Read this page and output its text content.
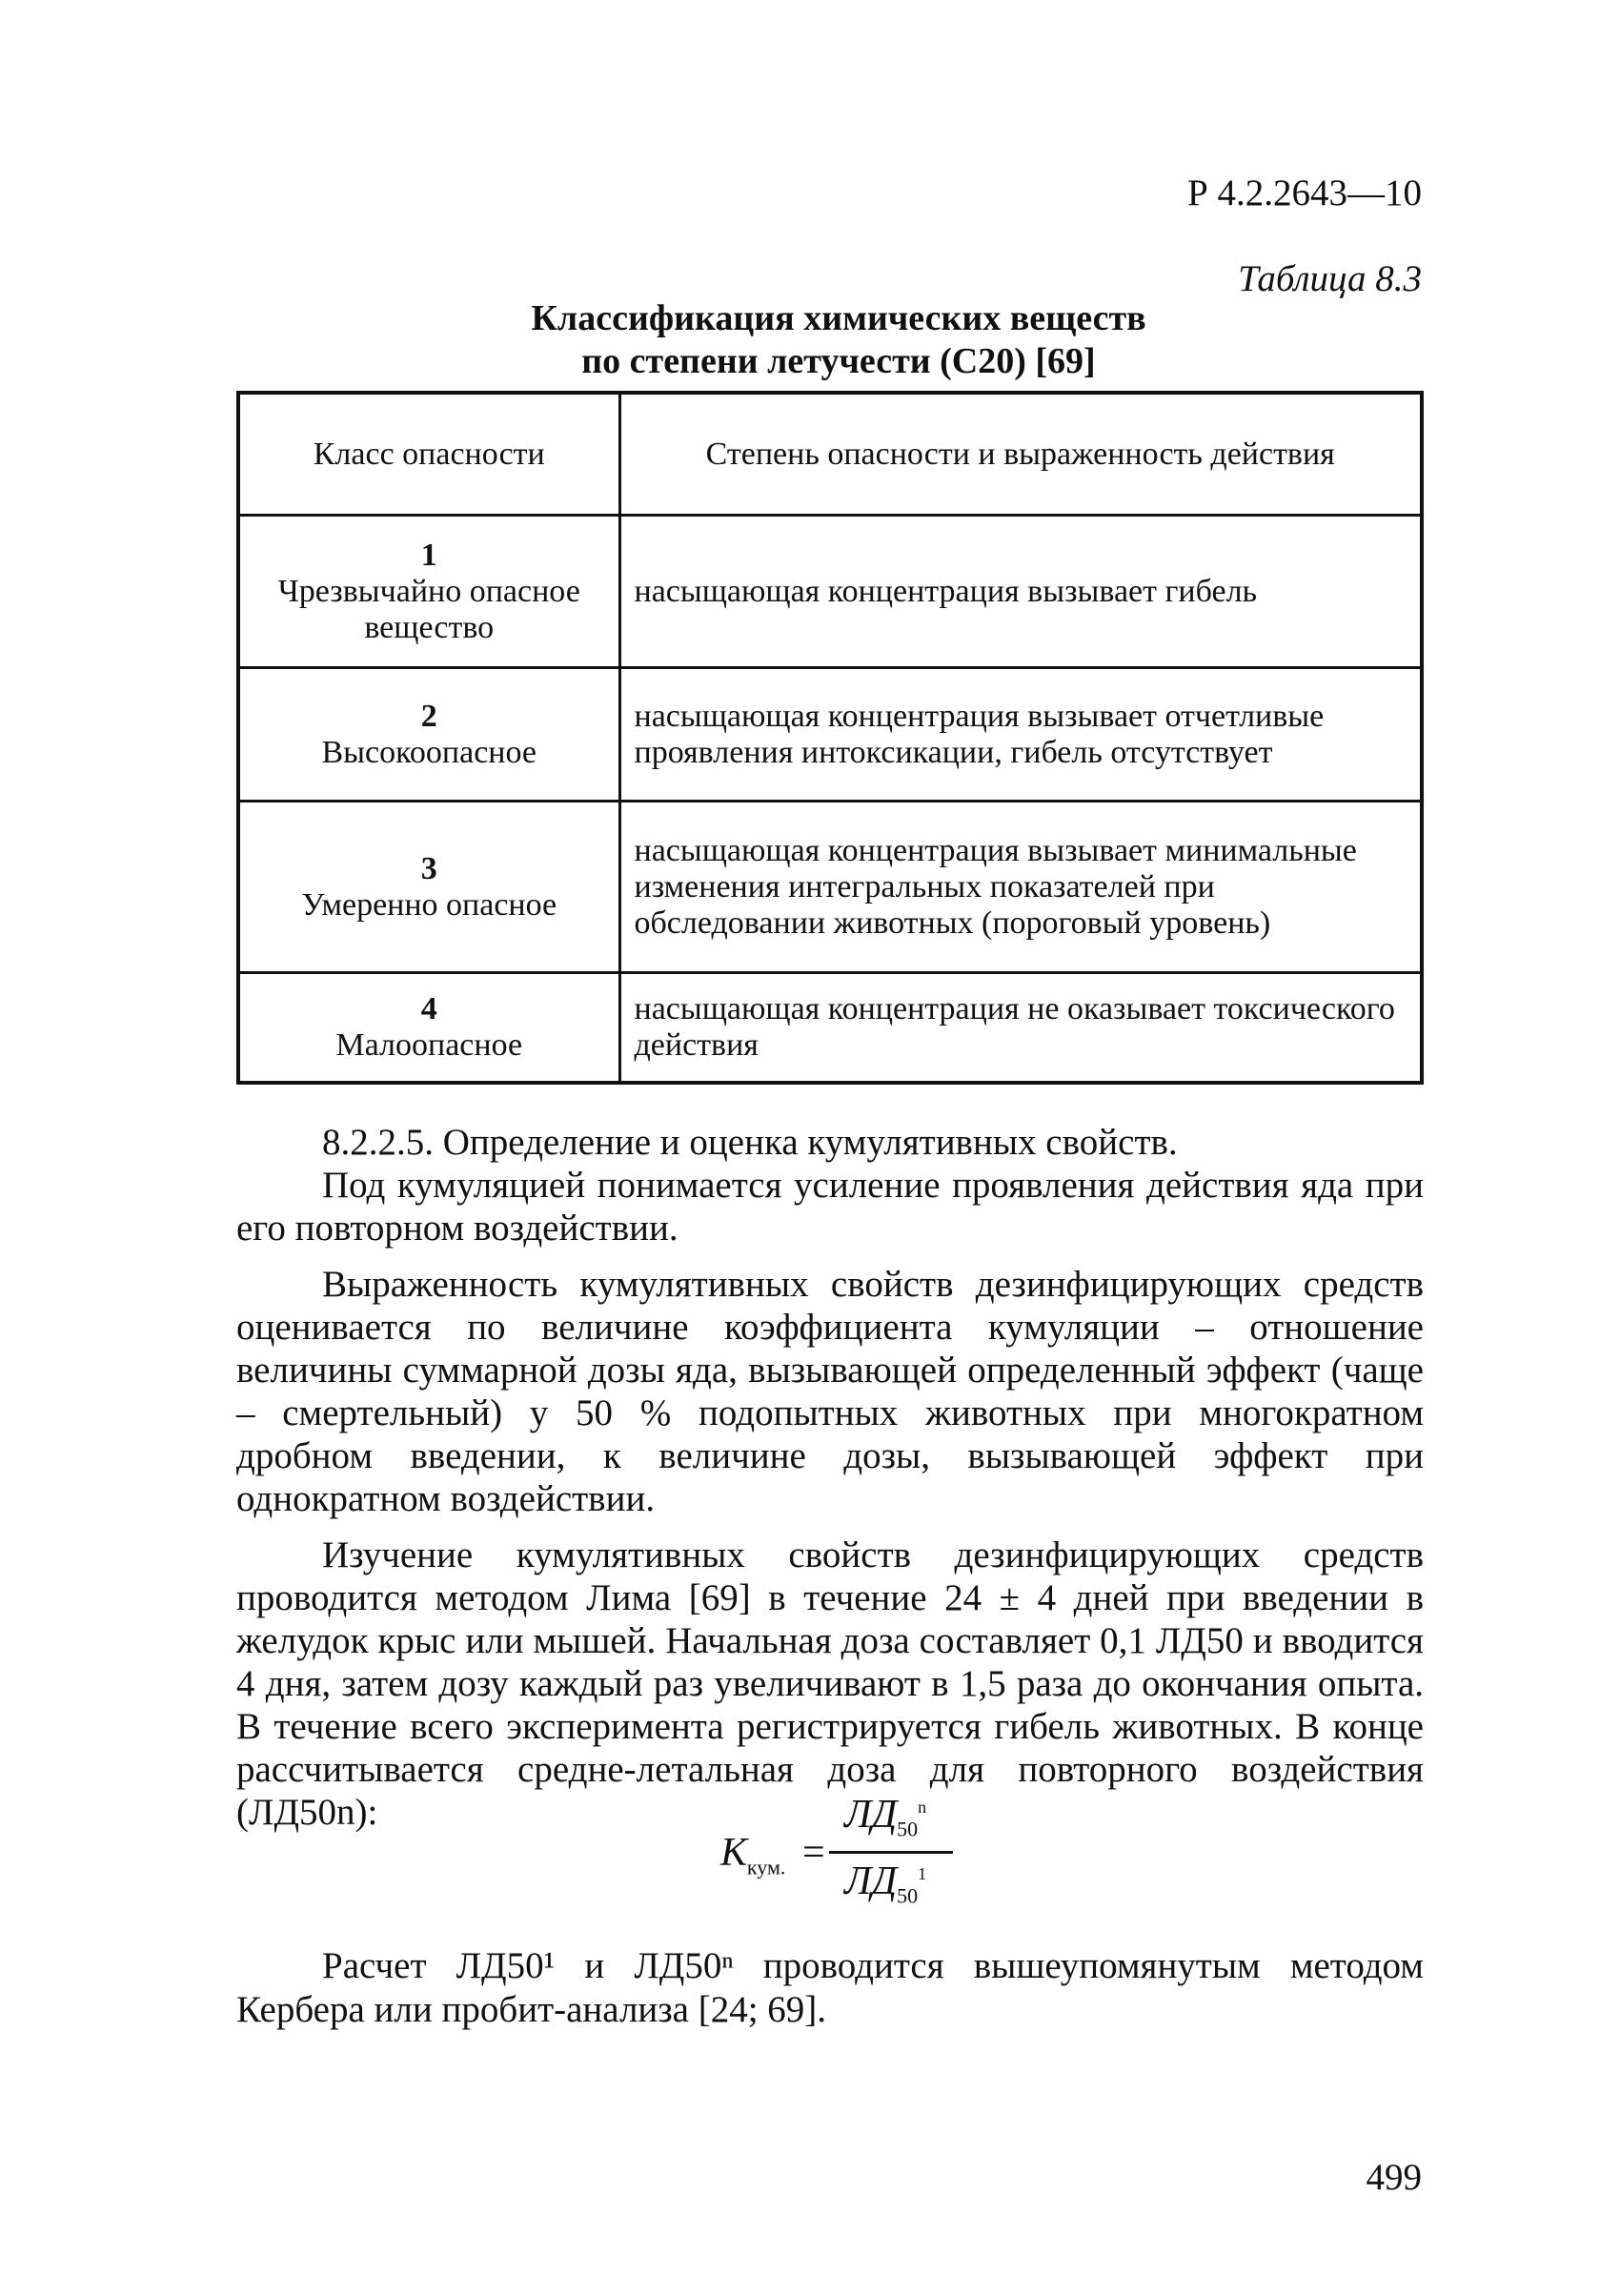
Р 4.2.2643—10
Таблица 8.3
Классификация химических веществ
по степени летучести (С20) [69]
Класс опасности	Степень опасности и выраженность действия

1
Чрезвычайно опасное вещество	насыщающая концентрация вызывает гибель

2
Высокоопасное	насыщающая концентрация вызывает отчетливые проявления интоксикации, гибель отсутствует

3
Умеренно опасное	насыщающая концентрация вызывает минимальные изменения интегральных показателей при обследовании животных (пороговый уровень)

4
Малоопасное	насыщающая концентрация не оказывает токсического действия

8.2.2.5. Определение и оценка кумулятивных свойств.

Под кумуляцией понимается усиление проявления действия яда при его повторном воздействии.

Выраженность кумулятивных свойств дезинфицирующих средств оценивается по величине коэффициента кумуляции – отношение величины суммарной дозы яда, вызывающей определенный эффект (чаще – смертельный) у 50 % подопытных животных при многократном дробном введении, к величине дозы, вызывающей эффект при однократном воздействии.

Изучение кумулятивных свойств дезинфицирующих средств проводится методом Лима [69] в течение 24 ± 4 дней при введении в желудок крыс или мышей. Начальная доза составляет 0,1 ЛД50 и вводится 4 дня, затем дозу каждый раз увеличивают в 1,5 раза до окончания опыта. В течение всего эксперимента регистрируется гибель животных. В конце рассчитывается средне-летальная доза для повторного воздействия (ЛД50n):

$К_{кум.}$ =
$ЛД_{50}^n$
$ЛД_{50}^1$

Расчет ЛД50¹ и ЛД50ⁿ проводится вышеупомянутым методом Кербера или пробит-анализа [24; 69].

499
